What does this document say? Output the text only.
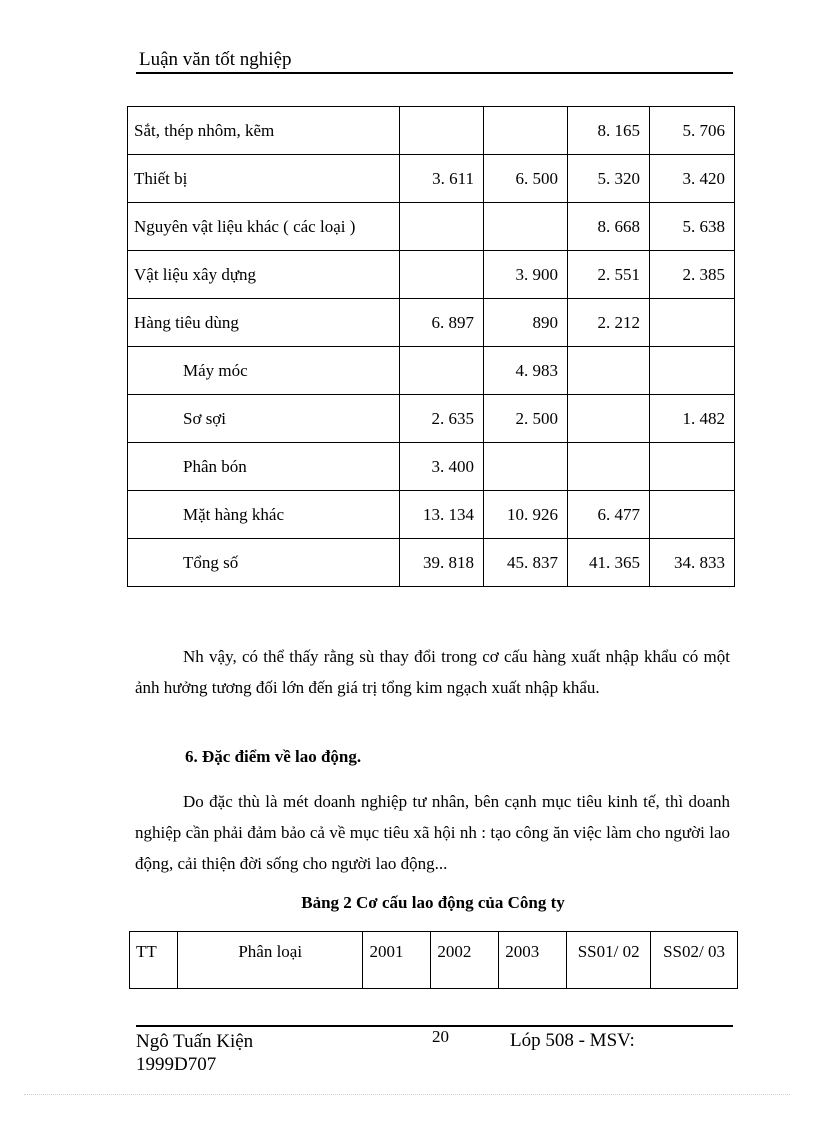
Luận văn tốt nghiệp
Sắt, thép nhôm, kẽm			8. 165	5. 706
Thiết bị	3. 611	6. 500	5. 320	3. 420
Nguyên vật liệu khác ( các loại )			8. 668	5. 638
Vật liệu xây dựng		3. 900	2. 551	2. 385
Hàng tiêu dùng	6. 897	890	2. 212	
Máy móc		4. 983		
Sơ sợi	2. 635	2. 500		1. 482
Phân bón	3. 400			
Mặt hàng khác	13. 134	10. 926	6. 477	
Tổng số	39. 818	45. 837	41. 365	34. 833
Nh vậy, có thể thấy rằng sù thay đổi trong cơ cấu hàng xuất nhập khẩu có một ảnh hưởng tương đối lớn đến giá trị tổng kim ngạch xuất nhập khẩu.
6. Đặc điểm về lao động.
Do đặc thù là mét doanh nghiệp tư nhân, bên cạnh mục tiêu kinh tế, thì doanh nghiệp cần phải đảm bảo cả về mục tiêu xã hội nh : tạo công ăn việc làm cho người lao động, cải thiện đời sống cho người lao động...
Bảng 2 Cơ cấu lao động của Công ty
TT	Phân loại	2001	2002	2003	SS01/ 02	SS02/ 03
Ngô Tuấn Kiện
1999D707
20	Lóp 508 - MSV:
